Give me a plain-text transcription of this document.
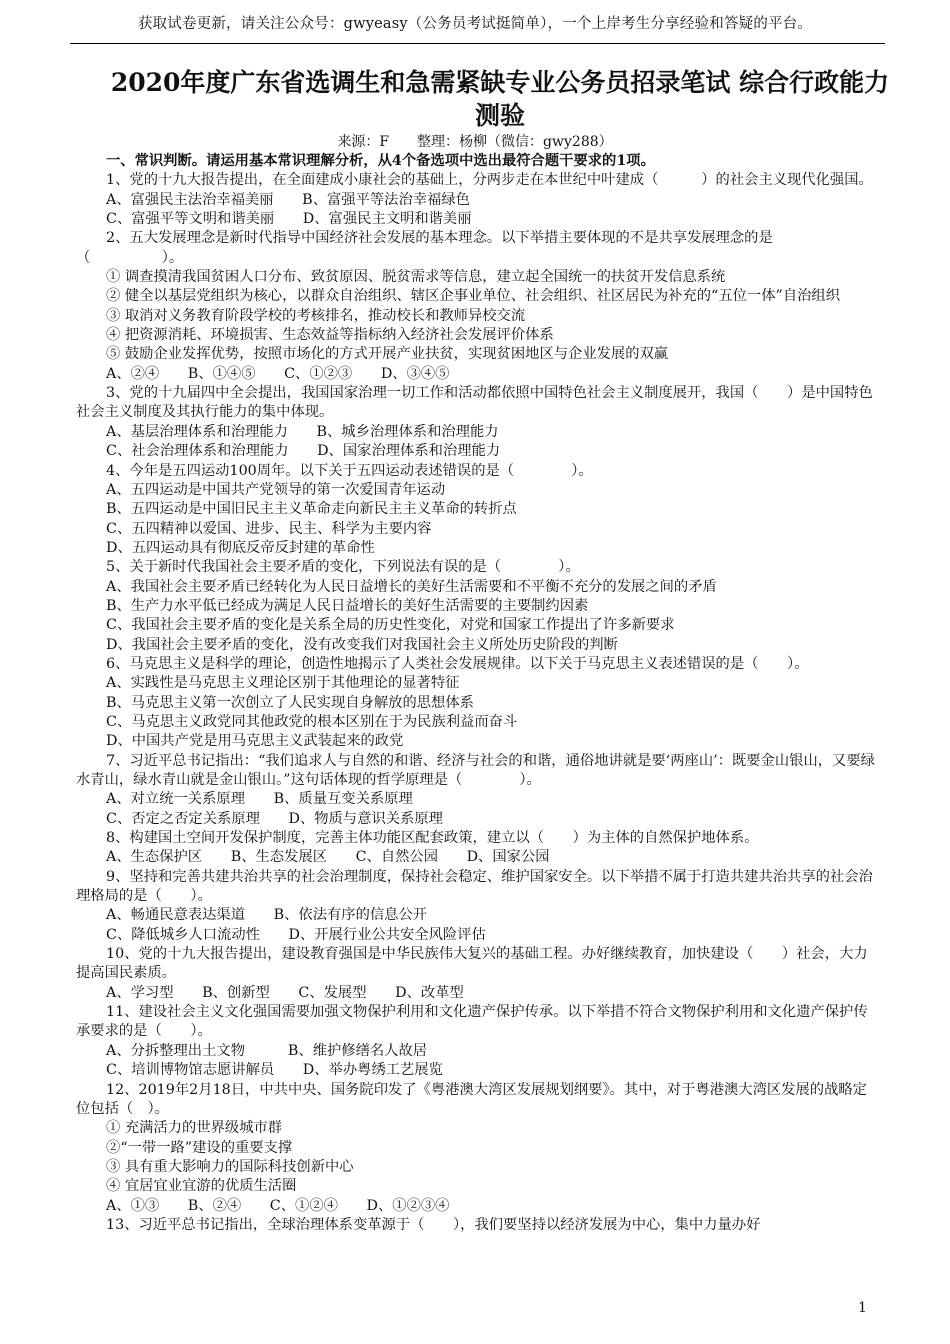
获取试卷更新，请关注公众号：gwyeasy（公务员考试挺简单），一个上岸考生分享经验和答疑的平台。
2020年度广东省选调生和急需紧缺专业公务员招录笔试 综合行政能力测验
来源：F　　整理：杨柳（微信：gwy288）

一、常识判断。请运用基本常识理解分析，从4个备选项中选出最符合题干要求的1项。

1、党的十九大报告提出，在全面建成小康社会的基础上，分两步走在本世纪中叶建成（　　　）的社会主义现代化强国。

A、富强民主法治幸福美丽　　B、富强平等法治幸福绿色

C、富强平等文明和谐美丽　　D、富强民主文明和谐美丽

2、五大发展理念是新时代指导中国经济社会发展的基本理念。以下举措主要体现的不是共享发展理念的是（　　　　　）。

① 调查摸清我国贫困人口分布、致贫原因、脱贫需求等信息，建立起全国统一的扶贫开发信息系统

② 健全以基层党组织为核心，以群众自治组织、辖区企事业单位、社会组织、社区居民为补充的“五位一体”自治组织

③ 取消对义务教育阶段学校的考核排名，推动校长和教师异校交流

④ 把资源消耗、环境损害、生态效益等指标纳入经济社会发展评价体系

⑤ 鼓励企业发挥优势，按照市场化的方式开展产业扶贫，实现贫困地区与企业发展的双赢

A、②④　　B、①④⑤　　C、①②③　　D、③④⑤

3、党的十九届四中全会提出，我国国家治理一切工作和活动都依照中国特色社会主义制度展开，我国（　　）是中国特色社会主义制度及其执行能力的集中体现。

A、基层治理体系和治理能力　　B、城乡治理体系和治理能力

C、社会治理体系和治理能力　　D、国家治理体系和治理能力

4、今年是五四运动100周年。以下关于五四运动表述错误的是（　　　　）。

A、五四运动是中国共产党领导的第一次爱国青年运动

B、五四运动是中国旧民主主义革命走向新民主主义革命的转折点

C、五四精神以爱国、进步、民主、科学为主要内容

D、五四运动具有彻底反帝反封建的革命性

5、关于新时代我国社会主要矛盾的变化，下列说法有误的是（　　　　）。

A、我国社会主要矛盾已经转化为人民日益增长的美好生活需要和不平衡不充分的发展之间的矛盾

B、生产力水平低已经成为满足人民日益增长的美好生活需要的主要制约因素

C、我国社会主要矛盾的变化是关系全局的历史性变化，对党和国家工作提出了许多新要求

D、我国社会主要矛盾的变化，没有改变我们对我国社会主义所处历史阶段的判断

6、马克思主义是科学的理论，创造性地揭示了人类社会发展规律。以下关于马克思主义表述错误的是（　　）。

A、实践性是马克思主义理论区别于其他理论的显著特征

B、马克思主义第一次创立了人民实现自身解放的思想体系

C、马克思主义政党同其他政党的根本区别在于为民族利益而奋斗

D、中国共产党是用马克思主义武装起来的政党

7、习近平总书记指出：“我们追求人与自然的和谐、经济与社会的和谐，通俗地讲就是要‘两座山’：既要金山银山，又要绿水青山，绿水青山就是金山银山。”这句话体现的哲学原理是（　　　　）。

A、对立统一关系原理　　B、质量互变关系原理

C、否定之否定关系原理　　D、物质与意识关系原理

8、构建国土空间开发保护制度，完善主体功能区配套政策，建立以（　　）为主体的自然保护地体系。

A、生态保护区　　B、生态发展区　　C、自然公园　　D、国家公园

9、坚持和完善共建共治共享的社会治理制度，保持社会稳定、维护国家安全。以下举措不属于打造共建共治共享的社会治理格局的是（　　）。

A、畅通民意表达渠道　　B、依法有序的信息公开

C、降低城乡人口流动性　　D、开展行业公共安全风险评估

10、党的十九大报告提出，建设教育强国是中华民族伟大复兴的基础工程。办好继续教育，加快建设（　　）社会，大力提高国民素质。

A、学习型　　B、创新型　　C、发展型　　D、改革型

11、建设社会主义文化强国需要加强文物保护利用和文化遗产保护传承。以下举措不符合文物保护利用和文化遗产保护传承要求的是（　　）。

A、分拆整理出土文物　　　B、维护修缮名人故居

C、培训博物馆志愿讲解员　　D、举办粤绣工艺展览

12、2019年2月18日，中共中央、国务院印发了《粤港澳大湾区发展规划纲要》。其中，对于粤港澳大湾区发展的战略定位包括（　）。

① 充满活力的世界级城市群

②“一带一路”建设的重要支撑

③ 具有重大影响力的国际科技创新中心

④ 宜居宜业宜游的优质生活圈

A、①③　　B、②④　　C、①②④　　D、①②③④

13、习近平总书记指出，全球治理体系变革源于（　　），我们要坚持以经济发展为中心，集中力量办好

1
